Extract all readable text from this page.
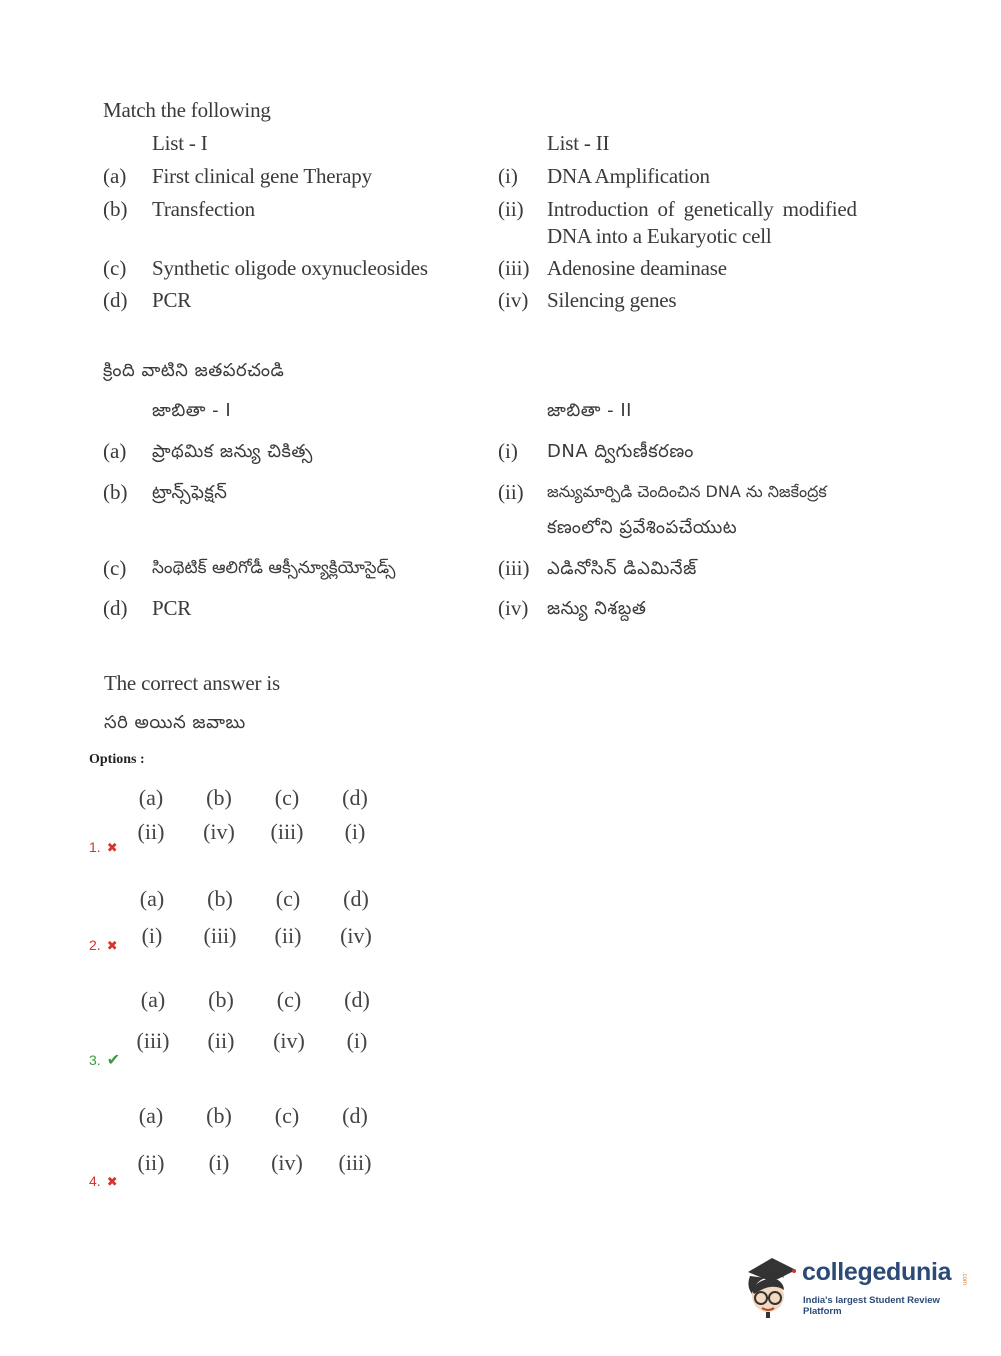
Match the following
List - I	List - II
(a) First clinical gene Therapy	(i) DNA Amplification
(b) Transfection	(ii) Introduction of genetically modified
DNA into a Eukaryotic cell
(c) Synthetic oligode oxynucleosides	(iii) Adenosine deaminase
(d) PCR	(iv) Silencing genes
క్రింది వాటిని జతపరచండి
జాబితా - I	జాబితా - II
(a) ప్రాథమిక జన్యు చికిత్స	(i) DNA ద్విగుణీకరణం
(b) ట్రాన్స్‌ఫెక్షన్	(ii) జన్యుమార్పిడి చెందించిన DNA ను నిజకేంద్రక
కణంలోని ప్రవేశింపచేయుట
(c) సింథెటిక్ ఆలిగోడీ ఆక్సీన్యూక్లియోసైడ్స్	(iii) ఎడినోసిన్ డిఎమినేజ్
(d) PCR	(iv) జన్యు నిశబ్దత
The correct answer is
సరి అయిన జవాబు
Options :
(a)	(b)	(c)	(d)
(ii)	(iv)	(iii)	(i)
1. ✖
(a)	(b)	(c)	(d)
(i)	(iii)	(ii)	(iv)
2. ✖
(a)	(b)	(c)	(d)
(iii)	(ii)	(iv)	(i)
3. ✔
(a)	(b)	(c)	(d)
(ii)	(i)	(iv)	(iii)
4. ✖
collegedunia .com
India's largest Student Review Platform
